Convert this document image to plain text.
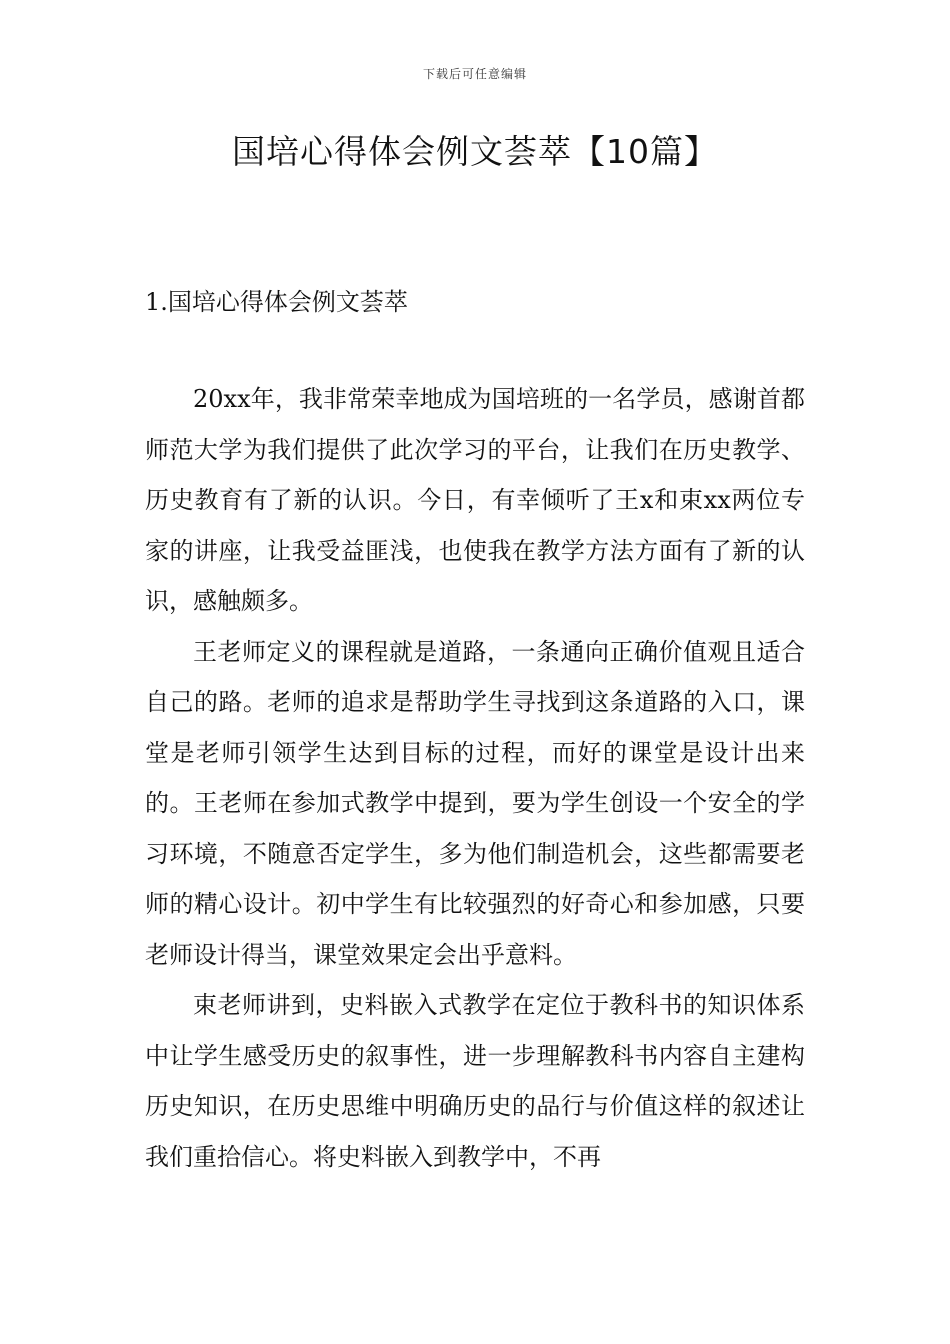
下载后可任意编辑
国培心得体会例文荟萃【10篇】
1.国培心得体会例文荟萃

20xx年，我非常荣幸地成为国培班的一名学员，感谢首都师范大学为我们提供了此次学习的平台，让我们在历史教学、历史教育有了新的认识。今日，有幸倾听了王x和束xx两位专家的讲座，让我受益匪浅，也使我在教学方法方面有了新的认识，感触颇多。

王老师定义的课程就是道路，一条通向正确价值观且适合自己的路。老师的追求是帮助学生寻找到这条道路的入口，课堂是老师引领学生达到目标的过程，而好的课堂是设计出来的。王老师在参加式教学中提到，要为学生创设一个安全的学习环境，不随意否定学生，多为他们制造机会，这些都需要老师的精心设计。初中学生有比较强烈的好奇心和参加感，只要老师设计得当，课堂效果定会出乎意料。

束老师讲到，史料嵌入式教学在定位于教科书的知识体系中让学生感受历史的叙事性，进一步理解教科书内容自主建构历史知识，在历史思维中明确历史的品行与价值这样的叙述让我们重拾信心。将史料嵌入到教学中，不再
